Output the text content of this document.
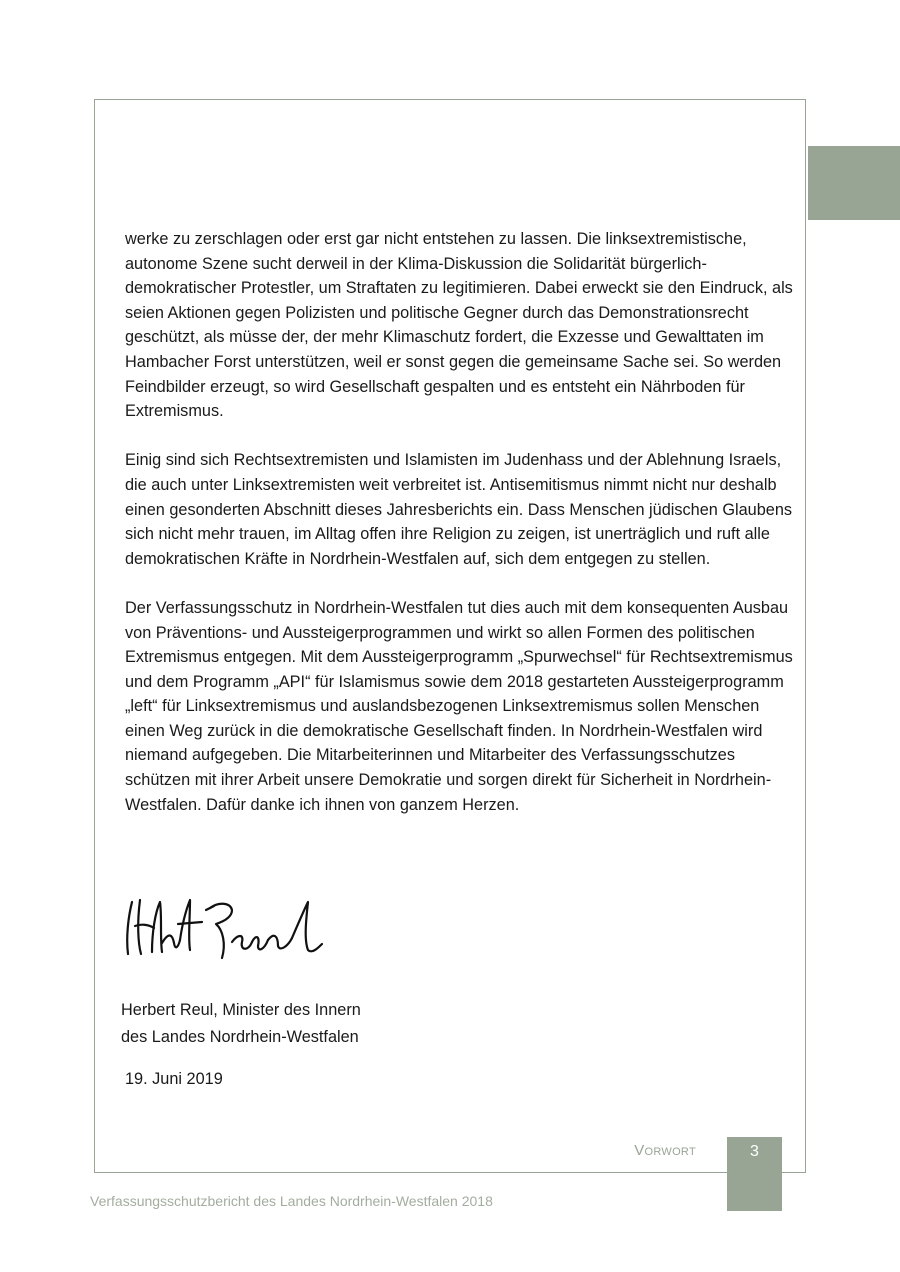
werke zu zerschlagen oder erst gar nicht entstehen zu lassen. Die linksextremistische, autonome Szene sucht derweil in der Klima-Diskussion die Solidarität bürgerlich-demokratischer Protestler, um Straftaten zu legitimieren. Dabei erweckt sie den Eindruck, als seien Aktionen gegen Polizisten und politische Gegner durch das Demonstrationsrecht geschützt, als müsse der, der mehr Klimaschutz fordert, die Exzesse und Gewalttaten im Hambacher Forst unterstützen, weil er sonst gegen die gemeinsame Sache sei. So werden Feindbilder erzeugt, so wird Gesellschaft gespalten und es entsteht ein Nährboden für Extremismus.

Einig sind sich Rechtsextremisten und Islamisten im Judenhass und der Ablehnung Israels, die auch unter Linksextremisten weit verbreitet ist. Antisemitismus nimmt nicht nur deshalb einen gesonderten Abschnitt dieses Jahresberichts ein. Dass Menschen jüdischen Glaubens sich nicht mehr trauen, im Alltag offen ihre Religion zu zeigen, ist unerträglich und ruft alle demokratischen Kräfte in Nordrhein-Westfalen auf, sich dem entgegen zu stellen.

Der Verfassungsschutz in Nordrhein-Westfalen tut dies auch mit dem konsequenten Ausbau von Präventions- und Aussteigerprogrammen und wirkt so allen Formen des politischen Extremismus entgegen. Mit dem Aussteigerprogramm „Spurwechsel“ für Rechtsextremismus und dem Programm „API“ für Islamismus sowie dem 2018 gestarteten Aussteigerprogramm „left“ für Linksextremismus und auslandsbezogenen Linksextremismus sollen Menschen einen Weg zurück in die demokratische Gesellschaft finden. In Nordrhein-Westfalen wird niemand aufgegeben. Die Mitarbeiterinnen und Mitarbeiter des Verfassungsschutzes schützen mit ihrer Arbeit unsere Demokratie und sorgen direkt für Sicherheit in Nordrhein-Westfalen. Dafür danke ich ihnen von ganzem Herzen.

Herbert Reul, Minister des Innern
des Landes Nordrhein-Westfalen
19. Juni 2019
Vorwort	3
Verfassungsschutzbericht des Landes Nordrhein-Westfalen 2018
